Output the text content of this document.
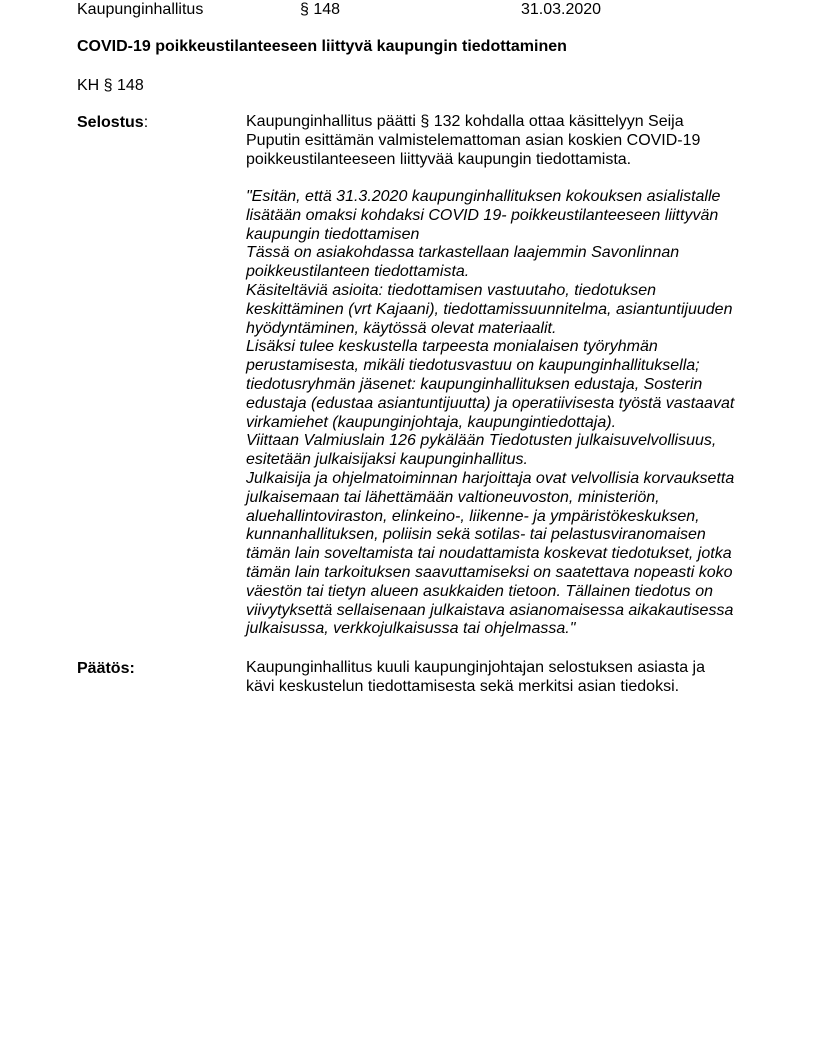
Kaupunginhallitus	§ 148	31.03.2020
COVID-19 poikkeustilanteeseen liittyvä kaupungin tiedottaminen
KH § 148
Selostus:	Kaupunginhallitus päätti § 132 kohdalla ottaa käsittelyyn Seija
Puputin esittämän valmistelemattoman asian koskien COVID-19
poikkeustilanteeseen liittyvää kaupungin tiedottamista.
"Esitän, että 31.3.2020 kaupunginhallituksen kokouksen asialistalle
lisätään omaksi kohdaksi COVID 19- poikkeustilanteeseen liittyvän
kaupungin tiedottamisen
Tässä on asiakohdassa tarkastellaan laajemmin Savonlinnan
poikkeustilanteen tiedottamista.
Käsiteltäviä asioita: tiedottamisen vastuutaho, tiedotuksen
keskittäminen (vrt Kajaani), tiedottamissuunnitelma, asiantuntijuuden
hyödyntäminen, käytössä olevat materiaalit.
Lisäksi tulee keskustella tarpeesta monialaisen työryhmän
perustamisesta, mikäli tiedotusvastuu on kaupunginhallituksella;
tiedotusryhmän jäsenet: kaupunginhallituksen edustaja, Sosterin
edustaja (edustaa asiantuntijuutta) ja operatiivisesta työstä vastaavat
virkamiehet (kaupunginjohtaja, kaupungintiedottaja).
Viittaan Valmiuslain 126 pykälään Tiedotusten julkaisuvelvollisuus,
esitetään julkaisijaksi kaupunginhallitus.
Julkaisija ja ohjelmatoiminnan harjoittaja ovat velvollisia korvauksetta
julkaisemaan tai lähettämään valtioneuvoston, ministeriön,
aluehallintoviraston, elinkeino-, liikenne- ja ympäristökeskuksen,
kunnanhallituksen, poliisin sekä sotilas- tai pelastusviranomaisen
tämän lain soveltamista tai noudattamista koskevat tiedotukset, jotka
tämän lain tarkoituksen saavuttamiseksi on saatettava nopeasti koko
väestön tai tietyn alueen asukkaiden tietoon. Tällainen tiedotus on
viivytyksettä sellaisenaan julkaistava asianomaisessa aikakautisessa
julkaisussa, verkkojulkaisussa tai ohjelmassa."
Päätös:	Kaupunginhallitus kuuli kaupunginjohtajan selostuksen asiasta ja
kävi keskustelun tiedottamisesta sekä merkitsi asian tiedoksi.
